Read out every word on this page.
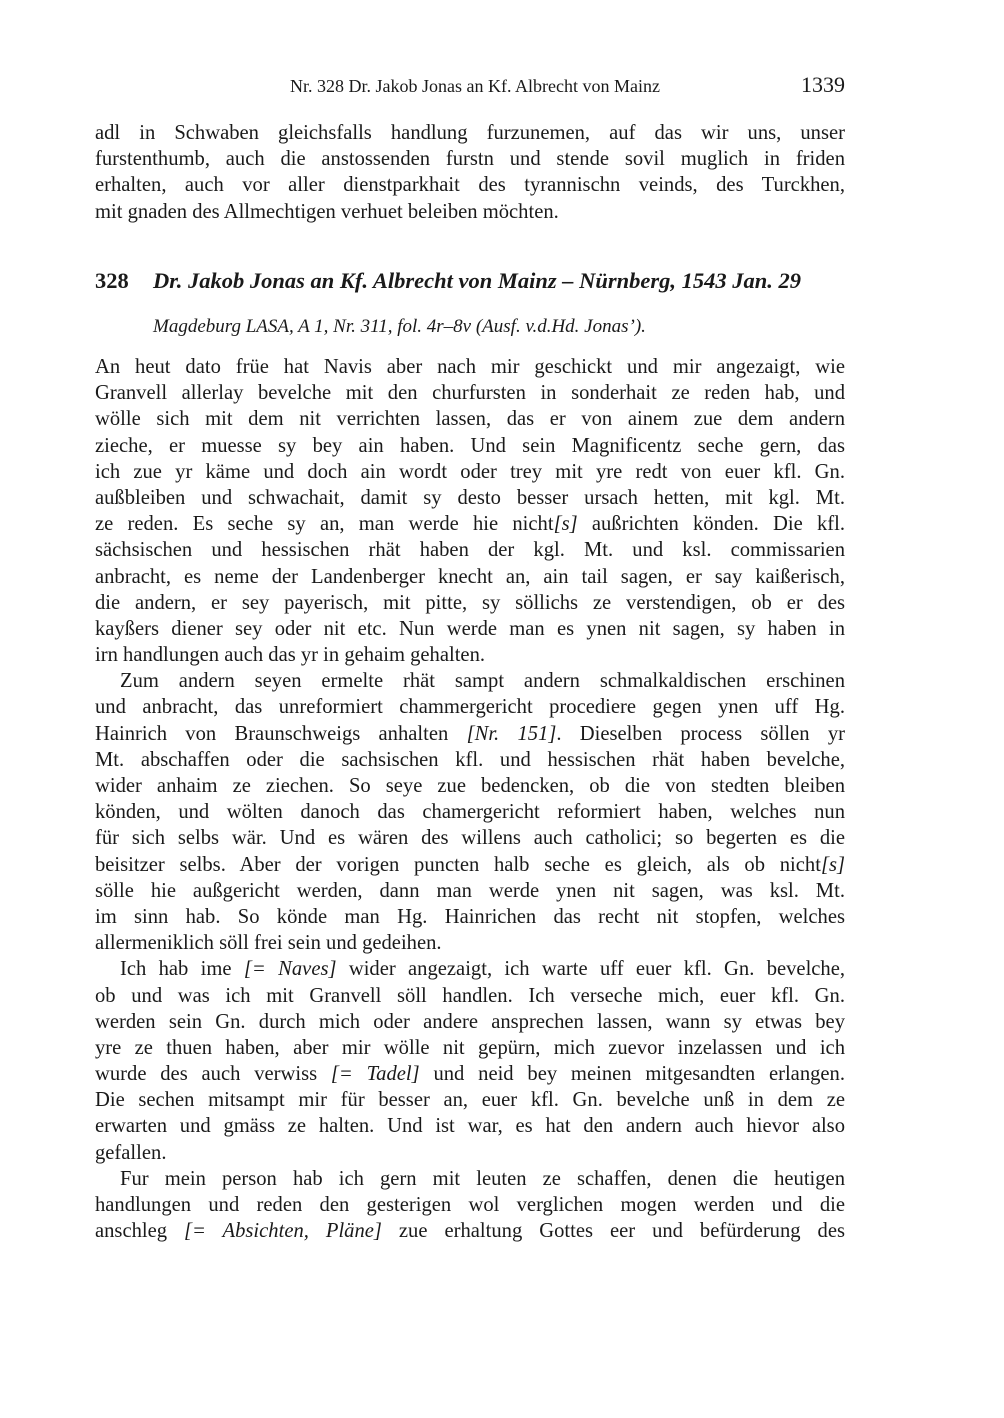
Nr. 328 Dr. Jakob Jonas an Kf. Albrecht von Mainz	1339
adl in Schwaben gleichsfalls handlung furzunemen, auf das wir uns, unser
furstenthumb, auch die anstossenden furstn und stende sovil muglich in friden
erhalten, auch vor aller dienstparkhait des tyrannischn veinds, des Turckhen,
mit gnaden des Allmechtigen verhuet beleiben möchten.
328 Dr. Jakob Jonas an Kf. Albrecht von Mainz – Nürnberg, 1543 Jan. 29
Magdeburg LASA, A 1, Nr. 311, fol. 4r–8v (Ausf. v.d.Hd. Jonas’).
An heut dato früe hat Navis aber nach mir geschickt und mir angezaigt, wie
Granvell allerlay bevelche mit den churfursten in sonderhait ze reden hab, und
wölle sich mit dem nit verrichten lassen, das er von ainem zue dem andern
zieche, er muesse sy bey ain haben. Und sein Magnificentz seche gern, das
ich zue yr käme und doch ain wordt oder trey mit yre redt von euer kfl. Gn.
außbleiben und schwachait, damit sy desto besser ursach hetten, mit kgl. Mt.
ze reden. Es seche sy an, man werde hie nicht[s] außrichten könden. Die kfl.
sächsischen und hessischen rhät haben der kgl. Mt. und ksl. commissarien
anbracht, es neme der Landenberger knecht an, ain tail sagen, er say kaißerisch,
die andern, er sey payerisch, mit pitte, sy söllichs ze verstendigen, ob er des
kayßers diener sey oder nit etc. Nun werde man es ynen nit sagen, sy haben in
irn handlungen auch das yr in gehaim gehalten.
Zum andern seyen ermelte rhät sampt andern schmalkaldischen erschinen
und anbracht, das unreformiert chammergericht procediere gegen ynen uff Hg.
Hainrich von Braunschweigs anhalten [Nr. 151]. Dieselben process söllen yr
Mt. abschaffen oder die sachsischen kfl. und hessischen rhät haben bevelche,
wider anhaim ze ziechen. So seye zue bedencken, ob die von stedten bleiben
könden, und wölten danoch das chamergericht reformiert haben, welches nun
für sich selbs wär. Und es wären des willens auch catholici; so begerten es die
beisitzer selbs. Aber der vorigen puncten halb seche es gleich, als ob nicht[s]
sölle hie außgericht werden, dann man werde ynen nit sagen, was ksl. Mt.
im sinn hab. So könde man Hg. Hainrichen das recht nit stopfen, welches
allermeniklich söll frei sein und gedeihen.
Ich hab ime [= Naves] wider angezaigt, ich warte uff euer kfl. Gn. bevelche,
ob und was ich mit Granvell söll handlen. Ich verseche mich, euer kfl. Gn.
werden sein Gn. durch mich oder andere ansprechen lassen, wann sy etwas bey
yre ze thuen haben, aber mir wölle nit gepürn, mich zuevor inzelassen und ich
wurde des auch verwiss [= Tadel] und neid bey meinen mitgesandten erlangen.
Die sechen mitsampt mir für besser an, euer kfl. Gn. bevelche unß in dem ze
erwarten und gmäss ze halten. Und ist war, es hat den andern auch hievor also
gefallen.
Fur mein person hab ich gern mit leuten ze schaffen, denen die heutigen
handlungen und reden den gesterigen wol verglichen mogen werden und die
anschleg [= Absichten, Pläne] zue erhaltung Gottes eer und befürderung des
